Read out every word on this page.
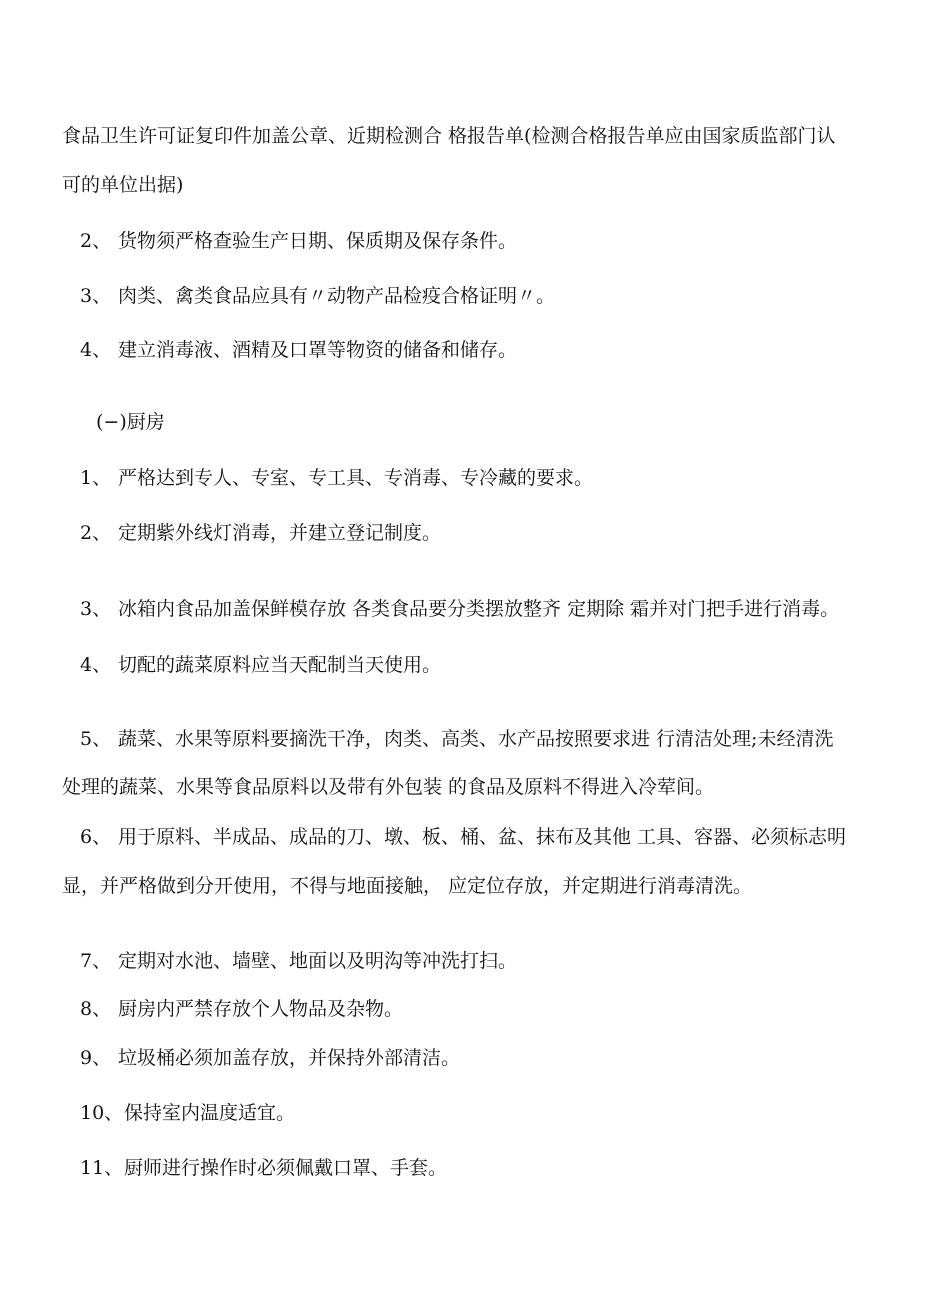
食品卫生许可证复印件加盖公章、近期检测合 格报告单(检测合格报告单应由国家质监部门认
可的单位出据)
2、 货物须严格查验生产日期、保质期及保存条件。
3、 肉类、禽类食品应具有〃动物产品检疫合格证明〃。
4、 建立消毒液、酒精及口罩等物资的储备和储存。
(−)厨房
1、 严格达到专人、专室、专工具、专消毒、专冷藏的要求。
2、 定期紫外线灯消毒，并建立登记制度。
3、 冰箱内食品加盖保鲜模存放 各类食品要分类摆放整齐 定期除 霜并对门把手进行消毒。
4、 切配的蔬菜原料应当天配制当天使用。
5、 蔬菜、水果等原料要摘洗干净，肉类、高类、水产品按照要求进 行清洁处理;未经清洗
处理的蔬菜、水果等食品原料以及带有外包装 的食品及原料不得进入冷荤间。
6、 用于原料、半成品、成品的刀、墩、板、桶、盆、抹布及其他 工具、容器、必须标志明
显，并严格做到分开使用，不得与地面接触， 应定位存放，并定期进行消毒清洗。
7、 定期对水池、墙壁、地面以及明沟等冲洗打扫。
8、 厨房内严禁存放个人物品及杂物。
9、 垃圾桶必须加盖存放，并保持外部清洁。
10、 保持室内温度适宜。
11、 厨师进行操作时必须佩戴口罩、手套。
